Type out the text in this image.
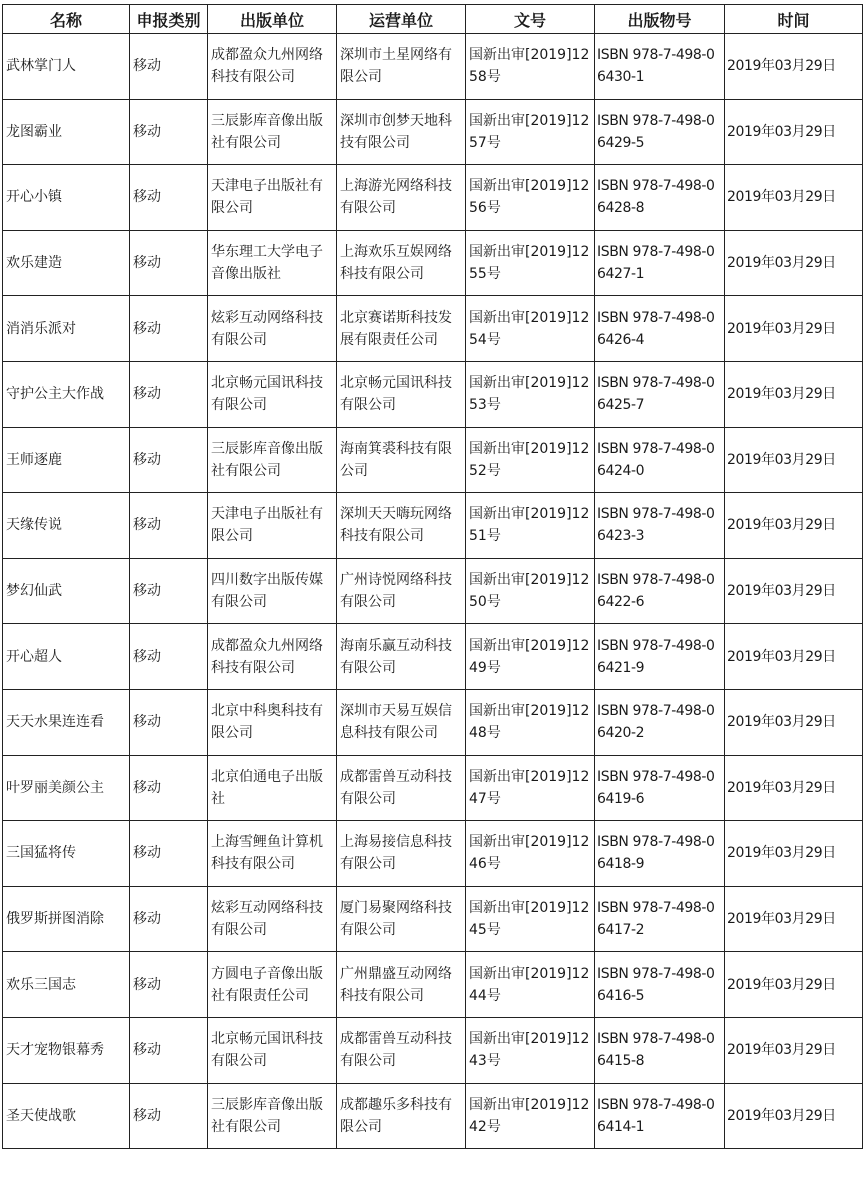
名称	申报类别	出版单位	运营单位	文号	出版物号	时间
武林掌门人	移动	成都盈众九州网络科技有限公司	深圳市土星网络有限公司	国新出审[2019]1258号	ISBN 978-7-498-06430-1	2019年03月29日
龙图霸业	移动	三辰影库音像出版社有限公司	深圳市创梦天地科技有限公司	国新出审[2019]1257号	ISBN 978-7-498-06429-5	2019年03月29日
开心小镇	移动	天津电子出版社有限公司	上海游光网络科技有限公司	国新出审[2019]1256号	ISBN 978-7-498-06428-8	2019年03月29日
欢乐建造	移动	华东理工大学电子音像出版社	上海欢乐互娱网络科技有限公司	国新出审[2019]1255号	ISBN 978-7-498-06427-1	2019年03月29日
消消乐派对	移动	炫彩互动网络科技有限公司	北京赛诺斯科技发展有限责任公司	国新出审[2019]1254号	ISBN 978-7-498-06426-4	2019年03月29日
守护公主大作战	移动	北京畅元国讯科技有限公司	北京畅元国讯科技有限公司	国新出审[2019]1253号	ISBN 978-7-498-06425-7	2019年03月29日
王师逐鹿	移动	三辰影库音像出版社有限公司	海南箕裘科技有限公司	国新出审[2019]1252号	ISBN 978-7-498-06424-0	2019年03月29日
天缘传说	移动	天津电子出版社有限公司	深圳天天嗨玩网络科技有限公司	国新出审[2019]1251号	ISBN 978-7-498-06423-3	2019年03月29日
梦幻仙武	移动	四川数字出版传媒有限公司	广州诗悦网络科技有限公司	国新出审[2019]1250号	ISBN 978-7-498-06422-6	2019年03月29日
开心超人	移动	成都盈众九州网络科技有限公司	海南乐赢互动科技有限公司	国新出审[2019]1249号	ISBN 978-7-498-06421-9	2019年03月29日
天天水果连连看	移动	北京中科奥科技有限公司	深圳市天易互娱信息科技有限公司	国新出审[2019]1248号	ISBN 978-7-498-06420-2	2019年03月29日
叶罗丽美颜公主	移动	北京伯通电子出版社	成都雷兽互动科技有限公司	国新出审[2019]1247号	ISBN 978-7-498-06419-6	2019年03月29日
三国猛将传	移动	上海雪鲤鱼计算机科技有限公司	上海易接信息科技有限公司	国新出审[2019]1246号	ISBN 978-7-498-06418-9	2019年03月29日
俄罗斯拼图消除	移动	炫彩互动网络科技有限公司	厦门易聚网络科技有限公司	国新出审[2019]1245号	ISBN 978-7-498-06417-2	2019年03月29日
欢乐三国志	移动	方圆电子音像出版社有限责任公司	广州鼎盛互动网络科技有限公司	国新出审[2019]1244号	ISBN 978-7-498-06416-5	2019年03月29日
天才宠物银幕秀	移动	北京畅元国讯科技有限公司	成都雷兽互动科技有限公司	国新出审[2019]1243号	ISBN 978-7-498-06415-8	2019年03月29日
圣天使战歌	移动	三辰影库音像出版社有限公司	成都趣乐多科技有限公司	国新出审[2019]1242号	ISBN 978-7-498-06414-1	2019年03月29日
